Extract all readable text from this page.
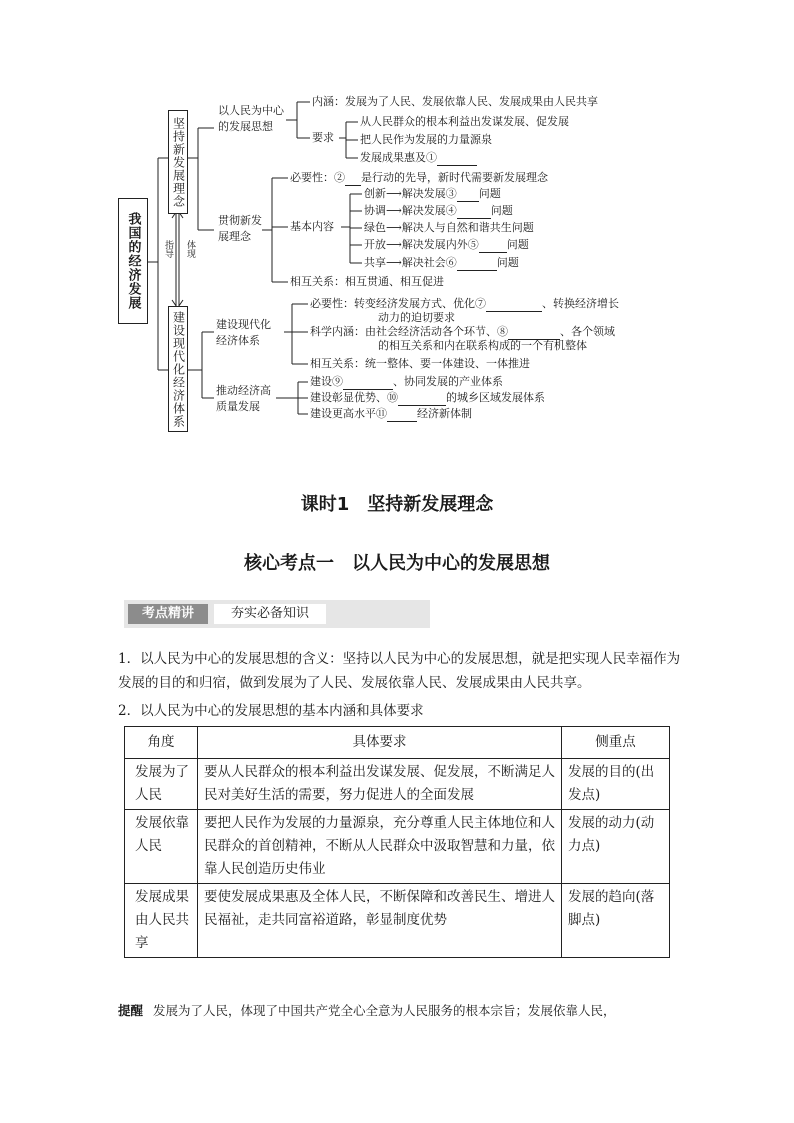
我国的经济发展
坚持新发展理念
建设现代化经济体系
指导 体现
以人民为中心
的发展思想
内涵：发展为了人民、发展依靠人民、发展成果由人民共享
要求
从人民群众的根本利益出发谋发展、促发展
把人民作为发展的力量源泉
发展成果惠及①
贯彻新发
展理念
必要性：② 是行动的先导，新时代需要新发展理念
基本内容
创新⟶解决发展③ 问题
协调⟶解决发展④	问题
绿色⟶解决人与自然和谐共生问题
开放⟶解决发展内外⑤	问题
共享⟶解决社会⑥	问题
相互关系：相互贯通、相互促进
建设现代化
经济体系
必要性：转变经济发展方式、优化⑦	、转换经济增长
动力的迫切要求
科学内涵：由社会经济活动各个环节、⑧	、各个领域
的相互关系和内在联系构成的一个有机整体
相互关系：统一整体、要一体建设、一体推进
推动经济高
质量发展
建设⑨	、协同发展的产业体系
建设彰显优势、⑩	的城乡区域发展体系
建设更高水平⑪	经济新体制
课时1　坚持新发展理念
核心考点一　以人民为中心的发展思想
考点精讲	夯实必备知识
1．以人民为中心的发展思想的含义：坚持以人民为中心的发展思想，就是把实现人民幸福作为发展的目的和归宿，做到发展为了人民、发展依靠人民、发展成果由人民共享。
2．以人民为中心的发展思想的基本内涵和具体要求
角度	具体要求	侧重点
发展为了人民	要从人民群众的根本利益出发谋发展、促发展，不断满足人民对美好生活的需要，努力促进人的全面发展	发展的目的(出发点)
发展依靠人民	要把人民作为发展的力量源泉，充分尊重人民主体地位和人民群众的首创精神，不断从人民群众中汲取智慧和力量，依靠人民创造历史伟业	发展的动力(动力点)
发展成果由人民共享	要使发展成果惠及全体人民，不断保障和改善民生、增进人民福祉，走共同富裕道路，彰显制度优势	发展的趋向(落脚点)
提醒 发展为了人民，体现了中国共产党全心全意为人民服务的根本宗旨；发展依靠人民，
